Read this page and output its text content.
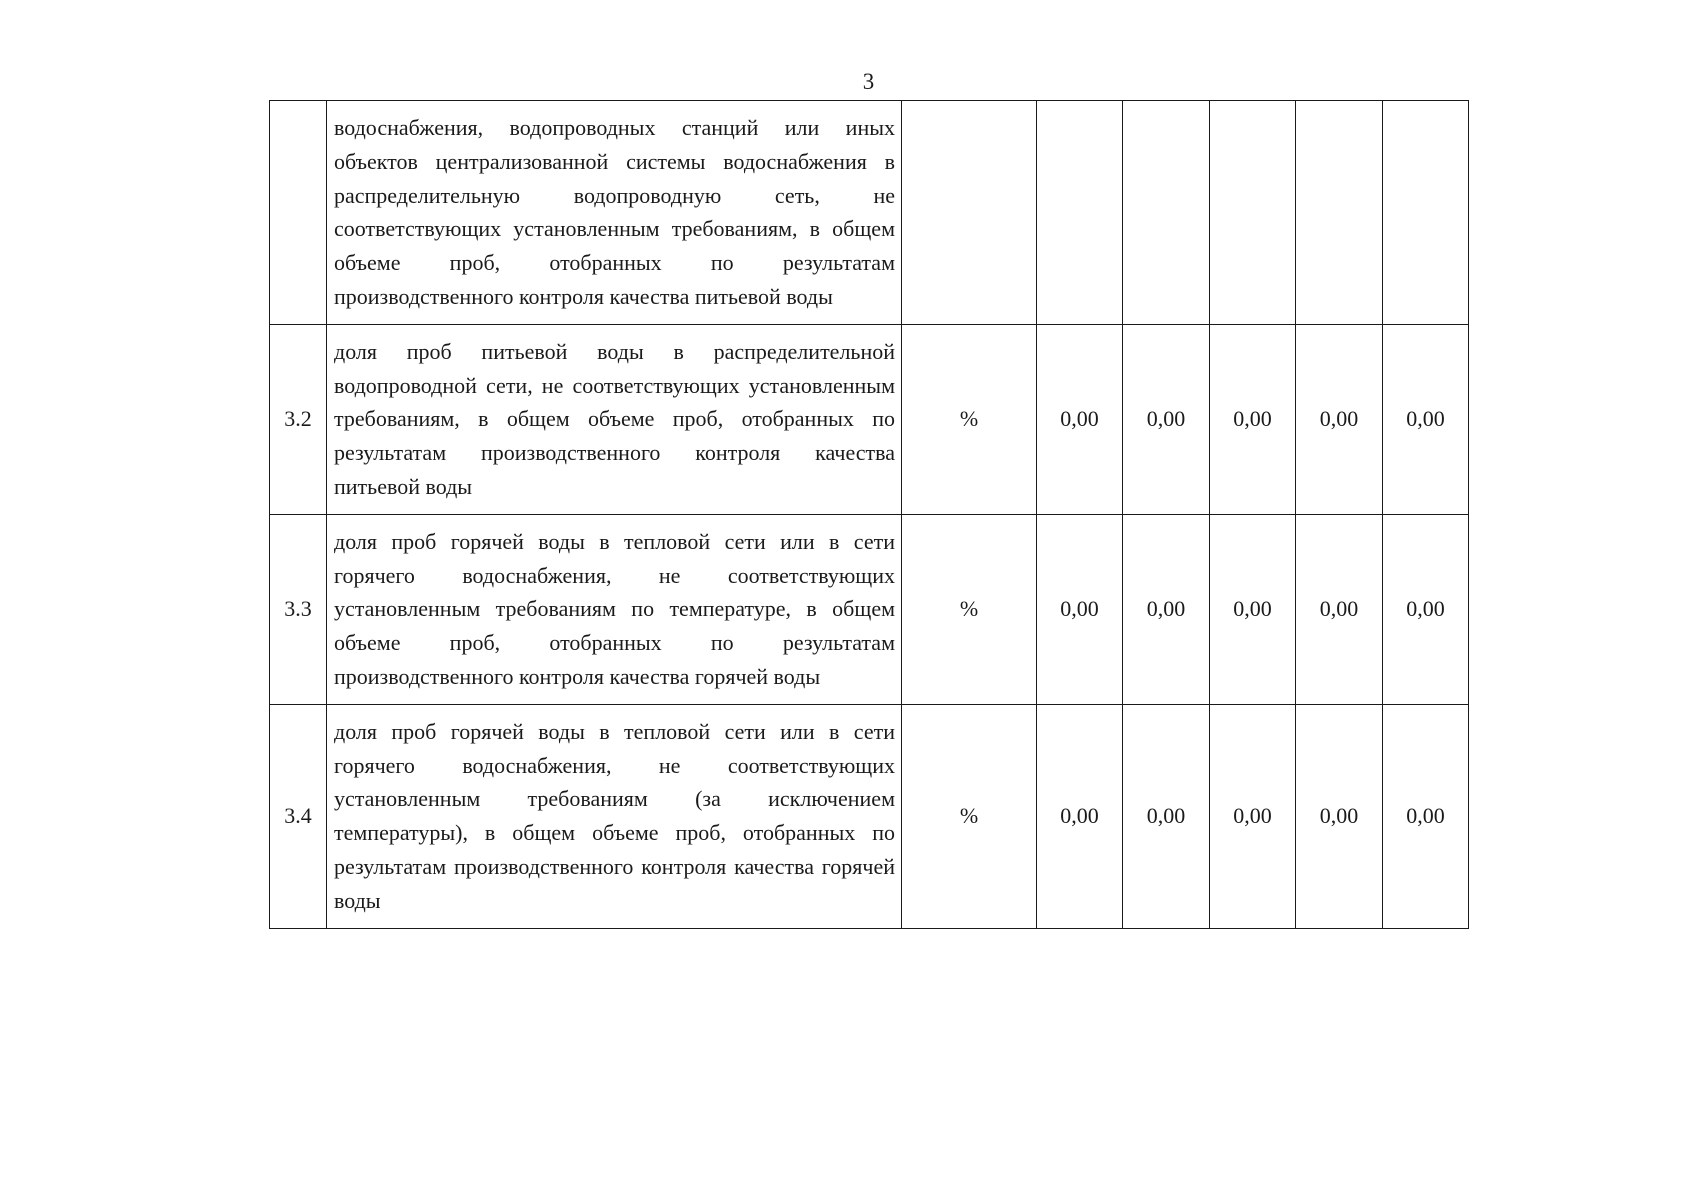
3
	водоснабжения, водопроводных станций или иных объектов централизованной системы водоснабжения в распределительную водопроводную сеть, не соответствующих установленным требованиям, в общем объеме проб, отобранных по результатам производственного контроля качества питьевой воды						
3.2	доля проб питьевой воды в распределительной водопроводной сети, не соответствующих установленным требованиям, в общем объеме проб, отобранных по результатам производственного контроля качества питьевой воды	%	0,00	0,00	0,00	0,00	0,00
3.3	доля проб горячей воды в тепловой сети или в сети горячего водоснабжения, не соответствующих установленным требованиям по температуре, в общем объеме проб, отобранных по результатам производственного контроля качества горячей воды	%	0,00	0,00	0,00	0,00	0,00
3.4	доля проб горячей воды в тепловой сети или в сети горячего водоснабжения, не соответствующих установленным требованиям (за исключением температуры), в общем объеме проб, отобранных по результатам производственного контроля качества горячей воды	%	0,00	0,00	0,00	0,00	0,00
